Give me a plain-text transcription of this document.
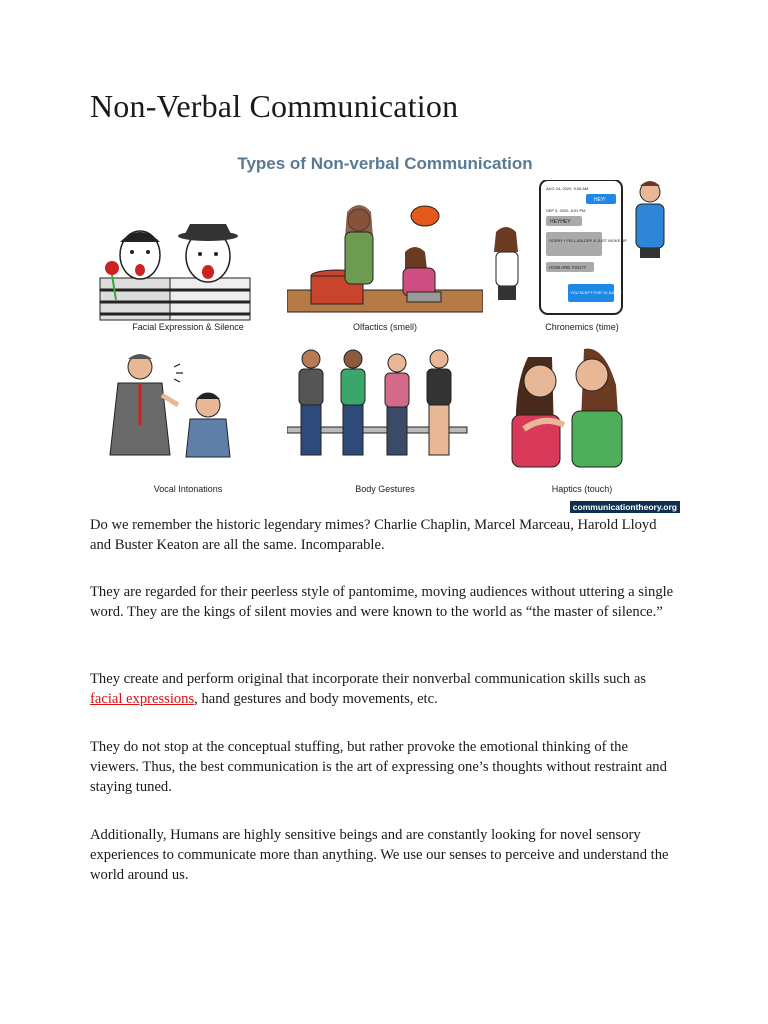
Non-Verbal Communication
Types of Non-verbal Communication
Facial Expression & Silence	Olfactics (smell)
AUG 24, 2020, 9:08 AM
HEY!
SEP 3, 2020, 8:01 PM
HEYHEY
SORRY I FELL ASLEEP & JUST WOKE UP
HOW ARE YOU??
YOU SLEPT FOR 10 DAYS?
Chronemics (time)
Vocal Intonations	Body Gestures	Haptics (touch)
communicationtheory.org

Do we remember the historic legendary mimes? Charlie Chaplin, Marcel Marceau, Harold Lloyd and Buster Keaton are all the same. Incomparable.

They are regarded for their peerless style of pantomime, moving audiences without uttering a single word. They are the kings of silent movies and were known to the world as “the master of silence.”

They create and perform original that incorporate their nonverbal communication skills such as facial expressions, hand gestures and body movements, etc.

They do not stop at the conceptual stuffing, but rather provoke the emotional thinking of the viewers. Thus, the best communication is the art of expressing one’s thoughts without restraint and staying tuned.

Additionally, Humans are highly sensitive beings and are constantly looking for novel sensory experiences to communicate more than anything. We use our senses to perceive and understand the world around us.
